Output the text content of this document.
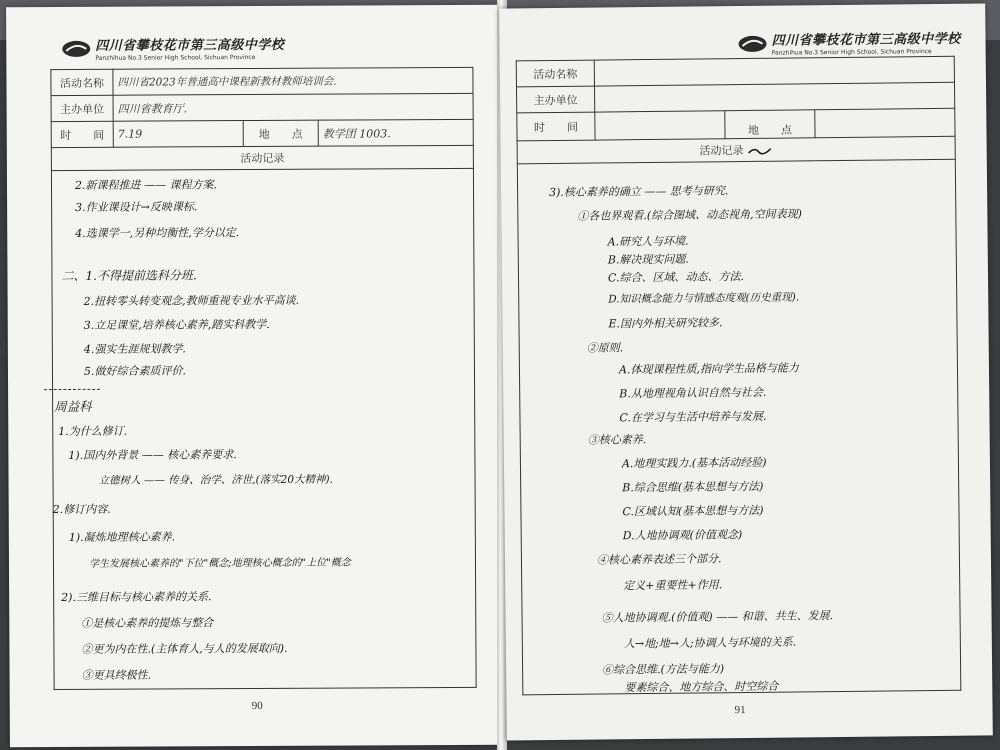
四川省攀枝花市第三高级中学校
Panzhihua No.3 Senior High School, Sichuan Province
活动名称	四川省2023年普通高中课程新教材教师培训会.		
主办单位	四川省教育厅.		
时　　间	7.19	地　　点	教学团 1003.
活动记录			
2.新课程推进 —— 课程方案.
3.作业课设计→反映课标.
4.选课学一,另种均衡性,学分以定.
二、1.不得提前选科分班.
2.扭转零头转变观念,教师重视专业水平高谈.
3.立足课堂,培养核心素养,踏实科教学.
4.强实生涯规划教学.
5.做好综合素质评价.
周益科
1.为什么修订.
1).国内外背景 —— 核心素养要求.
立德树人 —— 传身、治学、济世,(落实20大精神).
2.修订内容.
1).凝炼地理核心素养.
学生发展核心素养的"下位"概念;地理核心概念的"上位"概念
2).三维目标与核心素养的关系.
①是核心素养的提炼与整合
②更为内在性.(主体育人,与人的发展取向).
③更具终极性.
90
四川省攀枝花市第三高级中学校
Panzhihua No.3 Senior High School, Sichuan Province
活动名称			
主办单位			
时　　间		地　　点	
活动记录			
3).核心素养的确立 —— 思考与研究.
①各也界观看.(综合图域、动态视角,空间表现)
A.研究人与环境.
B.解决现实问题.
C.综合、区域、动态、方法.
D.知识概念能力与情感态度观(历史重现).
E.国内外相关研究较多.
②原则.
A.体现课程性质,指向学生品格与能力
B.从地理视角认识自然与社会.
C.在学习与生活中培养与发展.
③核心素养.
A.地理实践力.(基本活动经验)
B.综合思维(基本思想与方法)
C.区域认知(基本思想与方法)
D.人地协调观(价值观念)
④核心素养表述三个部分.
定义+重要性+作用.
⑤人地协调观.(价值观) —— 和谐、共生、发展.
人→地;地→人;协调人与环境的关系.
⑥综合思维.(方法与能力)
要素综合、地方综合、时空综合
91
